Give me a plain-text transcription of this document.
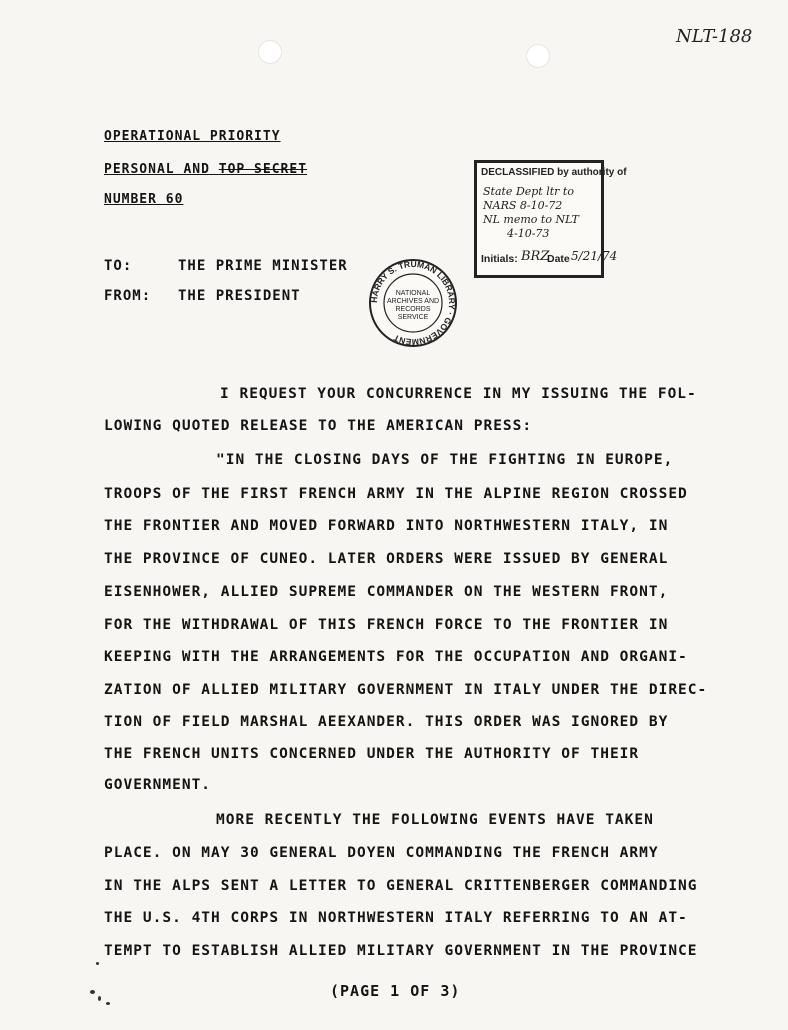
NLT-188
OPERATIONAL PRIORITY
PERSONAL AND TOP SECRET
NUMBER 60
DECLASSIFIED by authority of
State Dept ltr to
NARS 8-10-72
NL memo to NLT
4-10-73
Initials: BRZ
Date 5/21/74
HARRY S. TRUMAN LIBRARY · GOVERNMENT
NATIONAL
ARCHIVES AND
RECORDS
SERVICE
TO:	THE PRIME MINISTER
FROM: THE PRESIDENT
I REQUEST YOUR CONCURRENCE IN MY ISSUING THE FOL-
LOWING QUOTED RELEASE TO THE AMERICAN PRESS:
"IN THE CLOSING DAYS OF THE FIGHTING IN EUROPE,
TROOPS OF THE FIRST FRENCH ARMY IN THE ALPINE REGION CROSSED
THE FRONTIER AND MOVED FORWARD INTO NORTHWESTERN ITALY, IN
THE PROVINCE OF CUNEO. LATER ORDERS WERE ISSUED BY GENERAL
EISENHOWER, ALLIED SUPREME COMMANDER ON THE WESTERN FRONT,
FOR THE WITHDRAWAL OF THIS FRENCH FORCE TO THE FRONTIER IN
KEEPING WITH THE ARRANGEMENTS FOR THE OCCUPATION AND ORGANI-
ZATION OF ALLIED MILITARY GOVERNMENT IN ITALY UNDER THE DIREC-
TION OF FIELD MARSHAL AEEXANDER. THIS ORDER WAS IGNORED BY
THE FRENCH UNITS CONCERNED UNDER THE AUTHORITY OF THEIR
GOVERNMENT.
MORE RECENTLY THE FOLLOWING EVENTS HAVE TAKEN
PLACE. ON MAY 30 GENERAL DOYEN COMMANDING THE FRENCH ARMY
IN THE ALPS SENT A LETTER TO GENERAL CRITTENBERGER COMMANDING
THE U.S. 4TH CORPS IN NORTHWESTERN ITALY REFERRING TO AN AT-
TEMPT TO ESTABLISH ALLIED MILITARY GOVERNMENT IN THE PROVINCE
(PAGE 1 OF 3)
